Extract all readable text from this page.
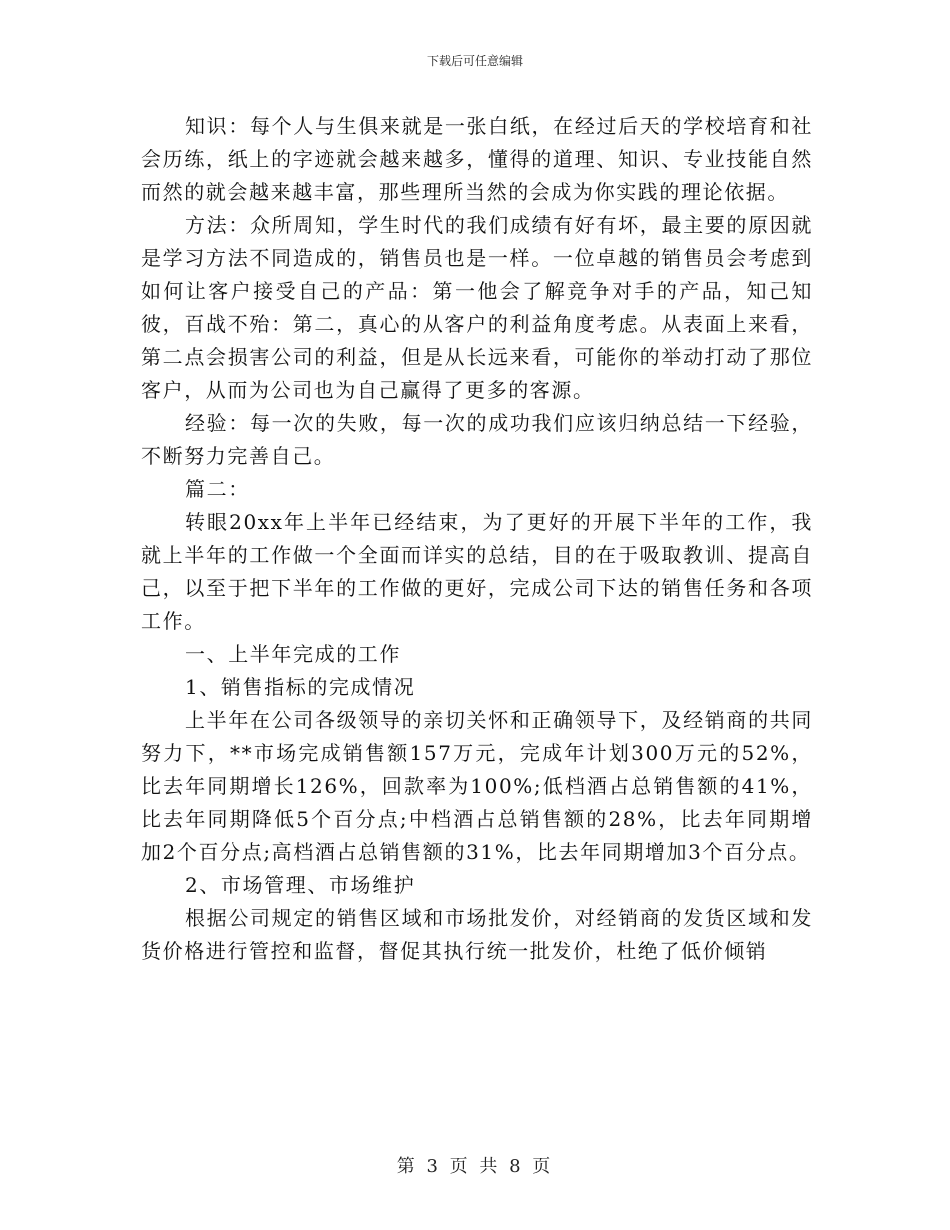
下载后可任意编辑

知识：每个人与生俱来就是一张白纸，在经过后天的学校培育和社会历练，纸上的字迹就会越来越多，懂得的道理、知识、专业技能自然而然的就会越来越丰富，那些理所当然的会成为你实践的理论依据。

方法：众所周知，学生时代的我们成绩有好有坏，最主要的原因就是学习方法不同造成的，销售员也是一样。一位卓越的销售员会考虑到如何让客户接受自己的产品：第一他会了解竞争对手的产品，知己知彼，百战不殆：第二，真心的从客户的利益角度考虑。从表面上来看，第二点会损害公司的利益，但是从长远来看，可能你的举动打动了那位客户，从而为公司也为自己赢得了更多的客源。

经验：每一次的失败，每一次的成功我们应该归纳总结一下经验，不断努力完善自己。

篇二：

转眼20xx年上半年已经结束，为了更好的开展下半年的工作，我就上半年的工作做一个全面而详实的总结，目的在于吸取教训、提高自己，以至于把下半年的工作做的更好，完成公司下达的销售任务和各项工作。

一、上半年完成的工作

1、销售指标的完成情况

上半年在公司各级领导的亲切关怀和正确领导下，及经销商的共同努力下，**市场完成销售额157万元，完成年计划300万元的52%，比去年同期增长126%，回款率为100%;低档酒占总销售额的41%，比去年同期降低5个百分点;中档酒占总销售额的28%，比去年同期增加2个百分点;高档酒占总销售额的31%，比去年同期增加3个百分点。

2、市场管理、市场维护

根据公司规定的销售区域和市场批发价，对经销商的发货区域和发货价格进行管控和监督，督促其执行统一批发价，杜绝了低价倾销

第 3 页 共 8 页
